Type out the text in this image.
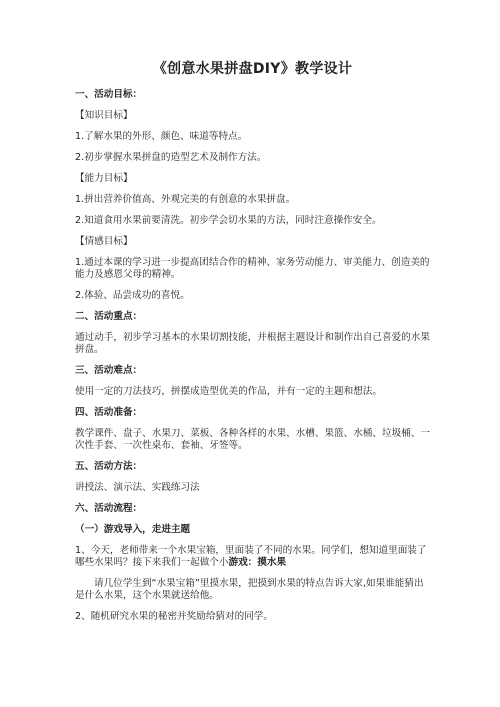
《创意水果拼盘DIY》教学设计
一、活动目标：
【知识目标】
1.了解水果的外形、颜色、味道等特点。
2.初步掌握水果拼盘的造型艺术及制作方法。
【能力目标】
1.拼出营养价值高、外观完美的有创意的水果拼盘。
2.知道食用水果前要清洗。初步学会切水果的方法，同时注意操作安全。
【情感目标】
1.通过本课的学习进一步提高团结合作的精神、家务劳动能力、审美能力、创造美的能力及感恩父母的精神。
2.体验、品尝成功的喜悦。
二、活动重点：
通过动手，初步学习基本的水果切割技能，并根据主题设计和制作出自己喜爱的水果拼盘。
三、活动难点：
使用一定的刀法技巧，拼摆成造型优美的作品，并有一定的主题和想法。
四、活动准备：
教学课件、盘子、水果刀、菜板、各种各样的水果、水槽、果篮、水桶、垃圾桶、一次性手套、一次性桌布、套袖、牙签等。
五、活动方法：
讲授法、演示法、实践练习法
六、活动流程：
（一）游戏导入，走进主题
1、今天，老师带来一个水果宝箱，里面装了不同的水果。同学们，想知道里面装了哪些水果吗？接下来我们一起做个小游戏：摸水果
请几位学生到“水果宝箱”里摸水果，把摸到水果的特点告诉大家,如果谁能猜出是什么水果，这个水果就送给他。
2、随机研究水果的秘密并奖励给猜对的同学。
